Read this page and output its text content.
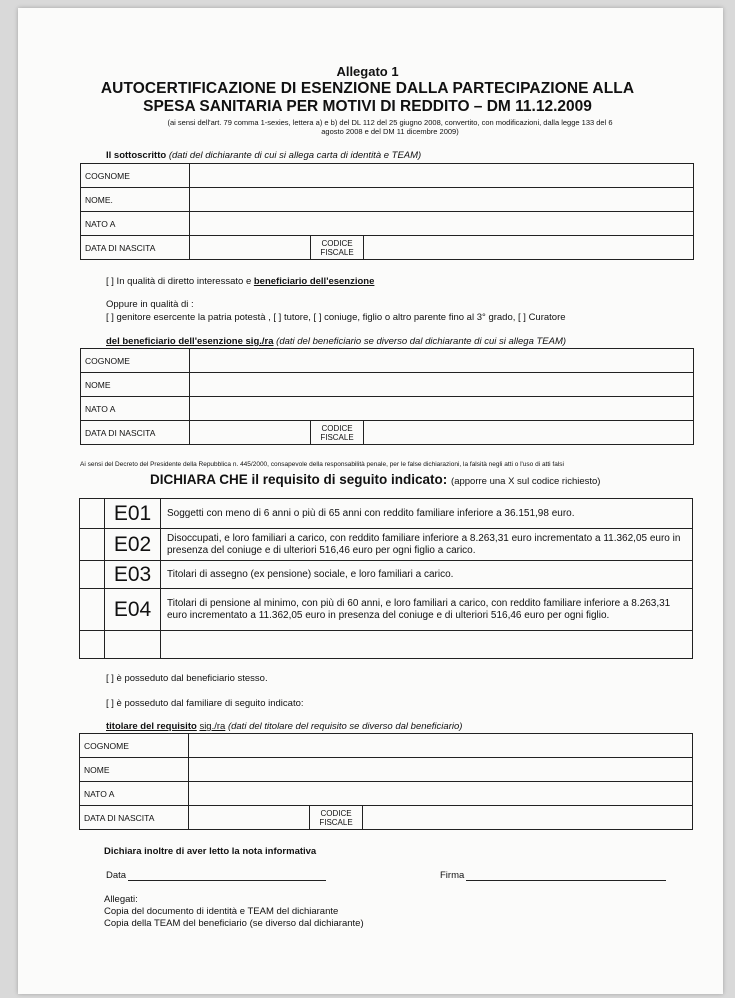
Allegato 1
AUTOCERTIFICAZIONE DI ESENZIONE DALLA PARTECIPAZIONE ALLA
SPESA SANITARIA PER MOTIVI DI REDDITO – DM 11.12.2009
(ai sensi dell'art. 79 comma 1-sexies, lettera a) e b) del DL 112 del 25 giugno 2008, convertito, con modificazioni, dalla legge 133 del 6
agosto 2008 e del DM 11 dicembre 2009)
Il sottoscritto (dati del dichiarante di cui si allega carta di identità e TEAM)
COGNOME			
NOME.			
NATO A			
DATA DI NASCITA		CODICE
FISCALE	

[ ] In qualità di diretto interessato e beneficiario dell'esenzione
Oppure in qualità di :
[ ] genitore esercente la patria potestà , [ ] tutore, [ ] coniuge, figlio o altro parente fino al 3° grado, [ ] Curatore
del beneficiario dell'esenzione sig./ra (dati del beneficiario se diverso dal dichiarante di cui si allega TEAM)
COGNOME			
NOME			
NATO A			
DATA DI NASCITA		CODICE
FISCALE	

Ai sensi del Decreto del Presidente della Repubblica n. 445/2000, consapevole della responsabilità penale, per le false dichiarazioni, la falsità negli atti o l'uso di atti falsi
DICHIARA CHE il requisito di seguito indicato: (apporre una X sul codice richiesto)
	E01	Soggetti con meno di 6 anni o più di 65 anni con reddito familiare inferiore a 36.151,98 euro.
	E02	Disoccupati, e loro familiari a carico, con reddito familiare inferiore a 8.263,31 euro incrementato a 11.362,05 euro in presenza del coniuge e di ulteriori 516,46 euro per ogni figlio a carico.
	E03	Titolari di assegno (ex pensione) sociale, e loro familiari a carico.
	E04	Titolari di pensione al minimo, con più di 60 anni, e loro familiari a carico, con reddito familiare inferiore a 8.263,31 euro incrementato a 11.362,05 euro in presenza del coniuge e di ulteriori 516,46 euro per ogni figlio.

[ ] è posseduto dal beneficiario stesso.
[ ] è posseduto dal familiare di seguito indicato:
titolare del requisito sig./ra (dati del titolare del requisito se diverso dal beneficiario)
COGNOME			
NOME			
NATO A			
DATA DI NASCITA		CODICE
FISCALE	

Dichiara inoltre di aver letto la nota informativa
Data	Firma
Allegati:
Copia del documento di identità e TEAM del dichiarante
Copia della TEAM del beneficiario (se diverso dal dichiarante)
